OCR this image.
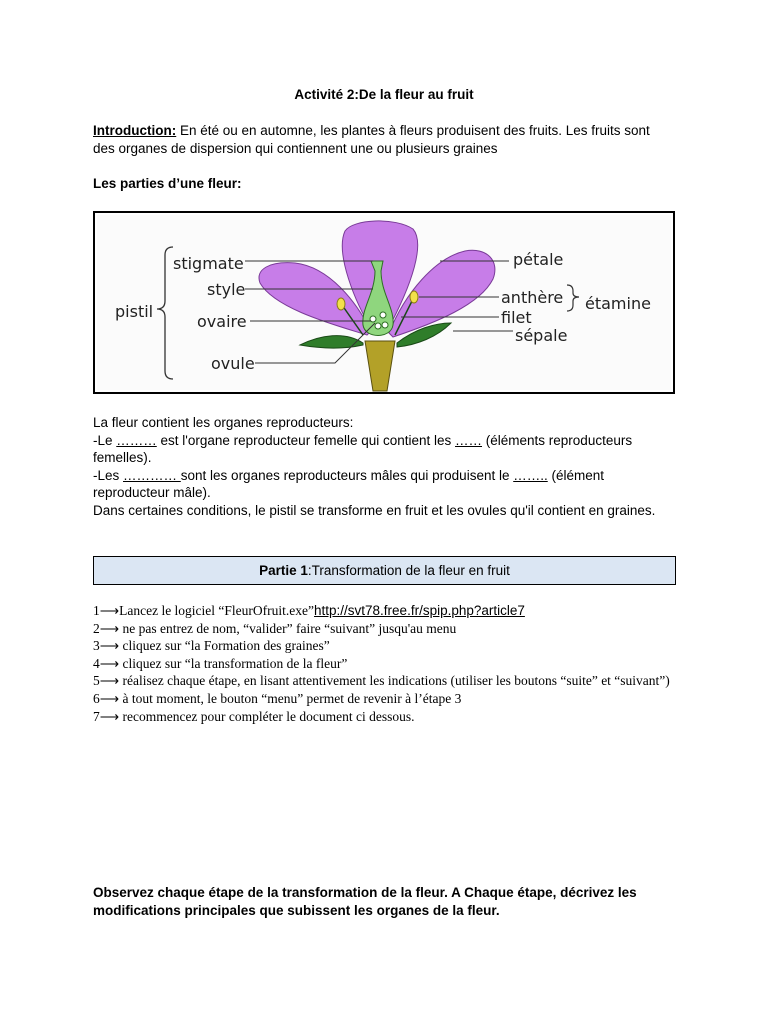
Activité 2:De la fleur au fruit
Introduction: En été ou en automne, les plantes à fleurs produisent des fruits. Les fruits sont des organes de dispersion qui contiennent une ou plusieurs graines
Les parties d’une fleur:
stigmate
style
pistil
ovaire
ovule
pétale
anthère étamine
filet
sépale
La fleur contient les organes reproducteurs:
-Le ……… est l'organe reproducteur femelle qui contient les …… (éléments reproducteurs femelles).
-Les ………… sont les organes reproducteurs mâles qui produisent le …….. (élément reproducteur mâle).
Dans certaines conditions, le pistil se transforme en fruit et les ovules qu'il contient en graines.
Partie 1 :Transformation de la fleur en fruit
1⟶Lancez le logiciel “FleurOfruit.exe”http://svt78.free.fr/spip.php?article7
2⟶ ne pas entrez de nom, “valider” faire “suivant” jusqu'au menu
3⟶ cliquez sur “la Formation des graines”
4⟶ cliquez sur “la transformation de la fleur”
5⟶ réalisez chaque étape, en lisant attentivement les indications (utiliser les boutons “suite” et “suivant”)
6⟶ à tout moment, le bouton “menu” permet de revenir à l’étape 3
7⟶ recommencez pour compléter le document ci dessous.
Observez chaque étape de la transformation de la fleur. A Chaque étape, décrivez les modifications principales que subissent les organes de la fleur.
